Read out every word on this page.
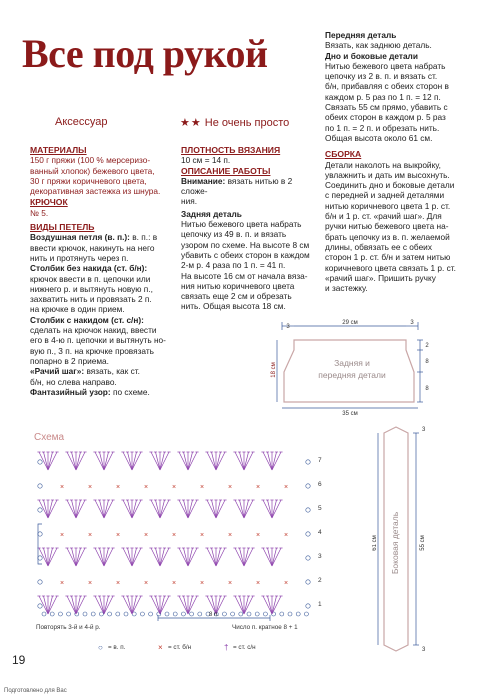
Все под рукой
Аксессуар	★★ Не очень просто

МАТЕРИАЛЫ

150 г пряжи (100 % мерсеризо-

ванный хлопок) бежевого цвета,

30 г пряжи коричневого цвета,

декоративная застежка из шнура.

КРЮЧОК

№ 5.

ВИДЫ ПЕТЕЛЬ

Воздушная петля (в. п.): в. п.: в

ввести крючок, накинуть на него

нить и протянуть через п.

Столбик без накида (ст. б/н):

крючок ввести в п. цепочки или

нижнего р. и вытянуть новую п.,

захватить нить и провязать 2 п.

на крючке в один прием.

Столбик с накидом (ст. с/н):

сделать на крючок накид, ввести

его в 4-ю п. цепочки и вытянуть но-

вую п., 3 п. на крючке провязать

попарно в 2 приема.

«Рачий шаг»: вязать, как ст.

б/н, но слева направо.

Фантазийный узор: по схеме.

ПЛОТНОСТЬ ВЯЗАНИЯ

10 см = 14 п.

ОПИСАНИЕ РАБОТЫ

Внимание: вязать нитью в 2 сложе-

ния.

Задняя деталь

Нитью бежевого цвета набрать

цепочку из 49 в. п. и вязать

узором по схеме. На высоте 8 см

убавить с обеих сторон в каждом

2-м р. 4 раза по 1 п. = 41 п.

На высоте 16 см от начала вяза-

ния нитью коричневого цвета

связать еще 2 см и обрезать

нить. Общая высота 18 см.

Передняя деталь

Вязать, как заднюю деталь.

Дно и боковые детали

Нитью бежевого цвета набрать

цепочку из 2 в. п. и вязать ст.

б/н, прибавляя с обеих сторон в

каждом р. 5 раз по 1 п. = 12 п.

Связать 55 см прямо, убавить с

обеих сторон в каждом р. 5 раз

по 1 п. = 2 п. и обрезать нить.

Общая высота около 61 см.

СБОРКА

Детали наколоть на выкройку,

увлажнить и дать им высохнуть.

Соединить дно и боковые детали

с передней и задней деталями

нитью коричневого цвета 1 р. ст.

б/н и 1 р. ст. «рачий шаг». Для

ручки нитью бежевого цвета на-

брать цепочку из в. п. желаемой

длины, обвязать ее с обеих

сторон 1 р. ст. б/н и затем нитью

коричневого цвета связать 1 р. ст.

«рачий шаг». Пришить ручку

и застежку.

3
29 см	3
18 см
35 см
2
8
8
Задняя и
передняя детали
3
3
61 см	55 см
Боковая деталь
Схема
×	×	×	×	×	×	×	×	×
×	×	×	×	×	×	×	×	×
×	×	×	×	×	×	×	×	×
7
6
5
4
3
2
1
8 п.
Повторять 3-й и 4-й р.	Число п. кратное 8 + 1
○ = в. п.	× = ст. б/н	† = ст. с/н
19
Подготовлено для Вас
